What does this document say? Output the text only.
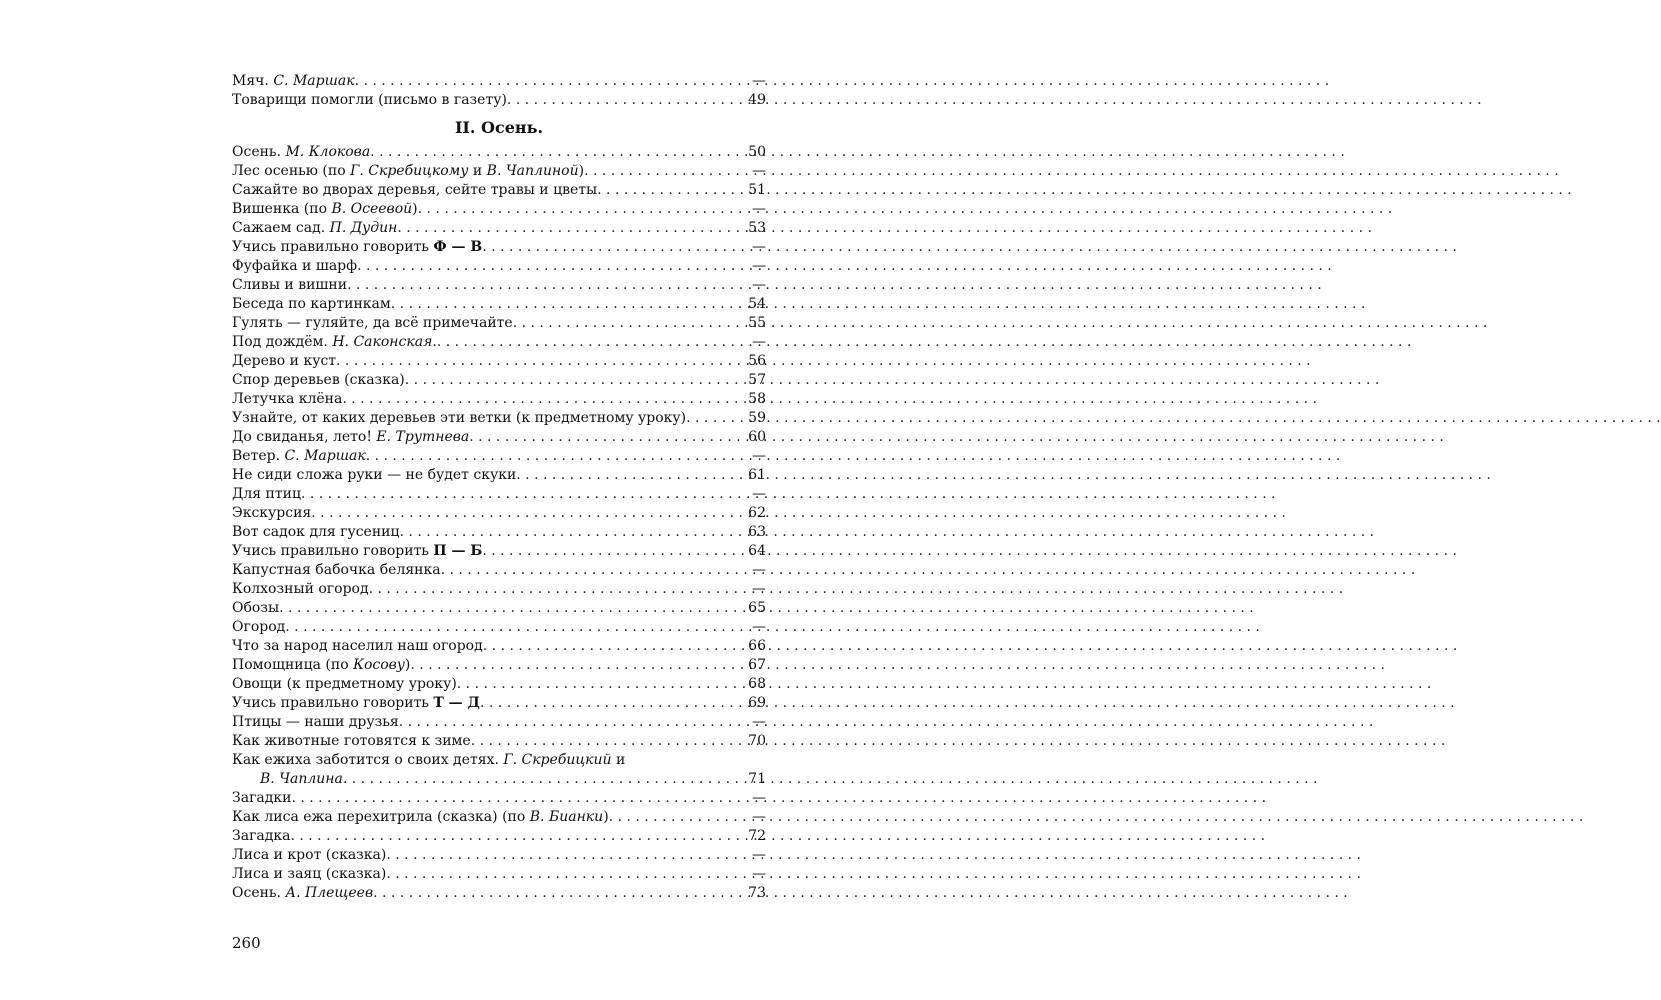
Мяч. С. Маршак . . .	—
Товарищи помогли (письмо в газету) . . .	49
II. Осень.
Осень. М. Клокова . . .	50
Лес осенью (по Г. Скребицкому и В. Чаплиной) . . .	—
Сажайте во дворах деревья, сейте травы и цветы . . .	51
Вишенка (по В. Осеевой) . . .	—
Сажаем сад. П. Дудин . . .	53
Учись правильно говорить Ф — В . . .	—
Фуфайка и шарф . . .	—
Сливы и вишни . . .	—
Беседа по картинкам . . .	54
Гулять — гуляйте, да всё примечайте . . .	55
Под дождём. Н. Саконская. . . .	—
Дерево и куст . . .	56
Спор деревьев (сказка) . . .	57
Летучка клёна . . .	58
Узнайте, от каких деревьев эти ветки (к предметному уроку) . . .	59
До свиданья, лето! Е. Трутнева . . .	60
Ветер. С. Маршак . . .	—
Не сиди сложа руки — не будет скуки . . .	61
Для птиц . . .	—
Экскурсия . . .	62
Вот садок для гусениц . . .	63
Учись правильно говорить П — Б . . .	64
Капустная бабочка белянка . . .	—
Колхозный огород . . .	—
Обозы . . .	65
Огород . . .	—
Что за народ населил наш огород . . .	66
Помощница (по Косову) . . .	67
Овощи (к предметному уроку) . . .	68
Учись правильно говорить Т — Д . . .	69
Птицы — наши друзья . . .	—
Как животные готовятся к зиме . . .	70
Как ежиха заботится о своих детях. Г. Скребицкий и
В. Чаплина . . .	71
Загадки . . .	—
Как лиса ежа перехитрила (сказка) (по В. Бианки) . . .	—
Загадка . . .	72
Лиса и крот (сказка) . . .	—
Лиса и заяц (сказка) . . .	—
Осень. А. Плещеев . . .	73
260
